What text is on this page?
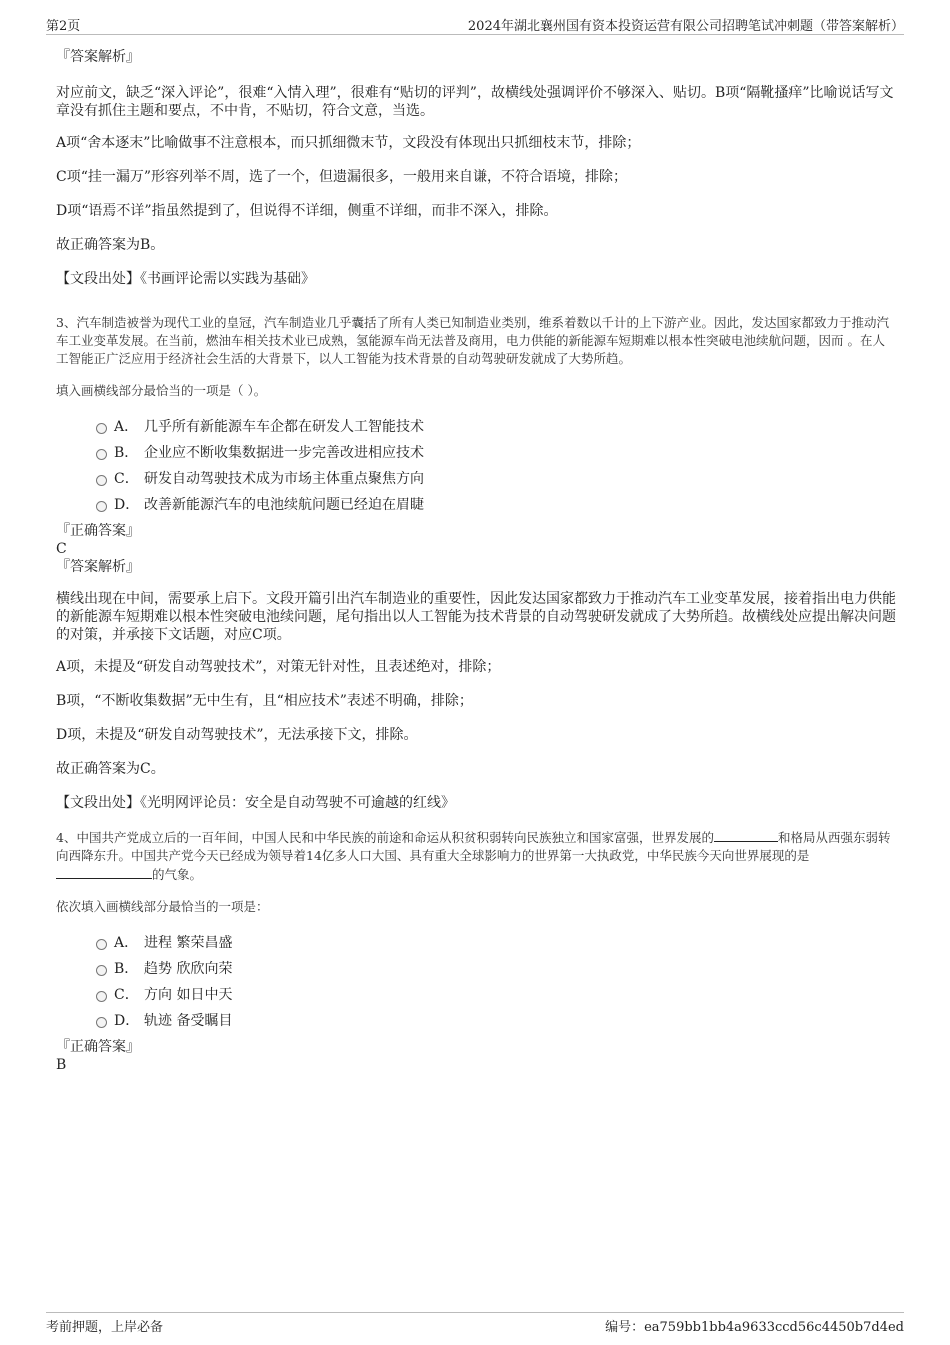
第2页	2024年湖北襄州国有资本投资运营有限公司招聘笔试冲刺题（带答案解析）

『答案解析』

对应前文，缺乏“深入评论”，很难“入情入理”，很难有“贴切的评判”，故横线处强调评价不够深入、贴切。B项“隔靴搔痒”比喻说话写文章没有抓住主题和要点，不中肯，不贴切，符合文意，当选。

A项“舍本逐末”比喻做事不注意根本，而只抓细微末节，文段没有体现出只抓细枝末节，排除；

C项“挂一漏万”形容列举不周，选了一个，但遗漏很多，一般用来自谦，不符合语境，排除；

D项“语焉不详”指虽然提到了，但说得不详细，侧重不详细，而非不深入，排除。

故正确答案为B。

【文段出处】《书画评论需以实践为基础》

3、汽车制造被誉为现代工业的皇冠，汽车制造业几乎囊括了所有人类已知制造业类别，维系着数以千计的上下游产业。因此，发达国家都致力于推动汽车工业变革发展。在当前，燃油车相关技术业已成熟，氢能源车尚无法普及商用，电力供能的新能源车短期难以根本性突破电池续航问题，因而 。在人工智能正广泛应用于经济社会生活的大背景下，以人工智能为技术背景的自动驾驶研发就成了大势所趋。

填入画横线部分最恰当的一项是（ ）。

A． 几乎所有新能源车车企都在研发人工智能技术
B． 企业应不断收集数据进一步完善改进相应技术
C． 研发自动驾驶技术成为市场主体重点聚焦方向
D． 改善新能源汽车的电池续航问题已经迫在眉睫

『正确答案』

C

『答案解析』

横线出现在中间，需要承上启下。文段开篇引出汽车制造业的重要性，因此发达国家都致力于推动汽车工业变革发展，接着指出电力供能的新能源车短期难以根本性突破电池续问题，尾句指出以人工智能为技术背景的自动驾驶研发就成了大势所趋。故横线处应提出解决问题的对策，并承接下文话题，对应C项。

A项，未提及“研发自动驾驶技术”，对策无针对性，且表述绝对，排除；

B项，“不断收集数据”无中生有，且“相应技术”表述不明确，排除；

D项，未提及“研发自动驾驶技术”，无法承接下文，排除。

故正确答案为C。

【文段出处】《光明网评论员：安全是自动驾驶不可逾越的红线》

4、中国共产党成立后的一百年间，中国人民和中华民族的前途和命运从积贫积弱转向民族独立和国家富强，世界发展的	和格局从西强东弱转向西降东升。中国共产党今天已经成为领导着14亿多人口大国、具有重大全球影响力的世界第一大执政党，中华民族今天向世界展现的是的气象。

依次填入画横线部分最恰当的一项是：

A． 进程 繁荣昌盛
B． 趋势 欣欣向荣
C． 方向 如日中天
D． 轨迹 备受瞩目

『正确答案』

B

考前押题，上岸必备	编号：ea759bb1bb4a9633ccd56c4450b7d4ed
